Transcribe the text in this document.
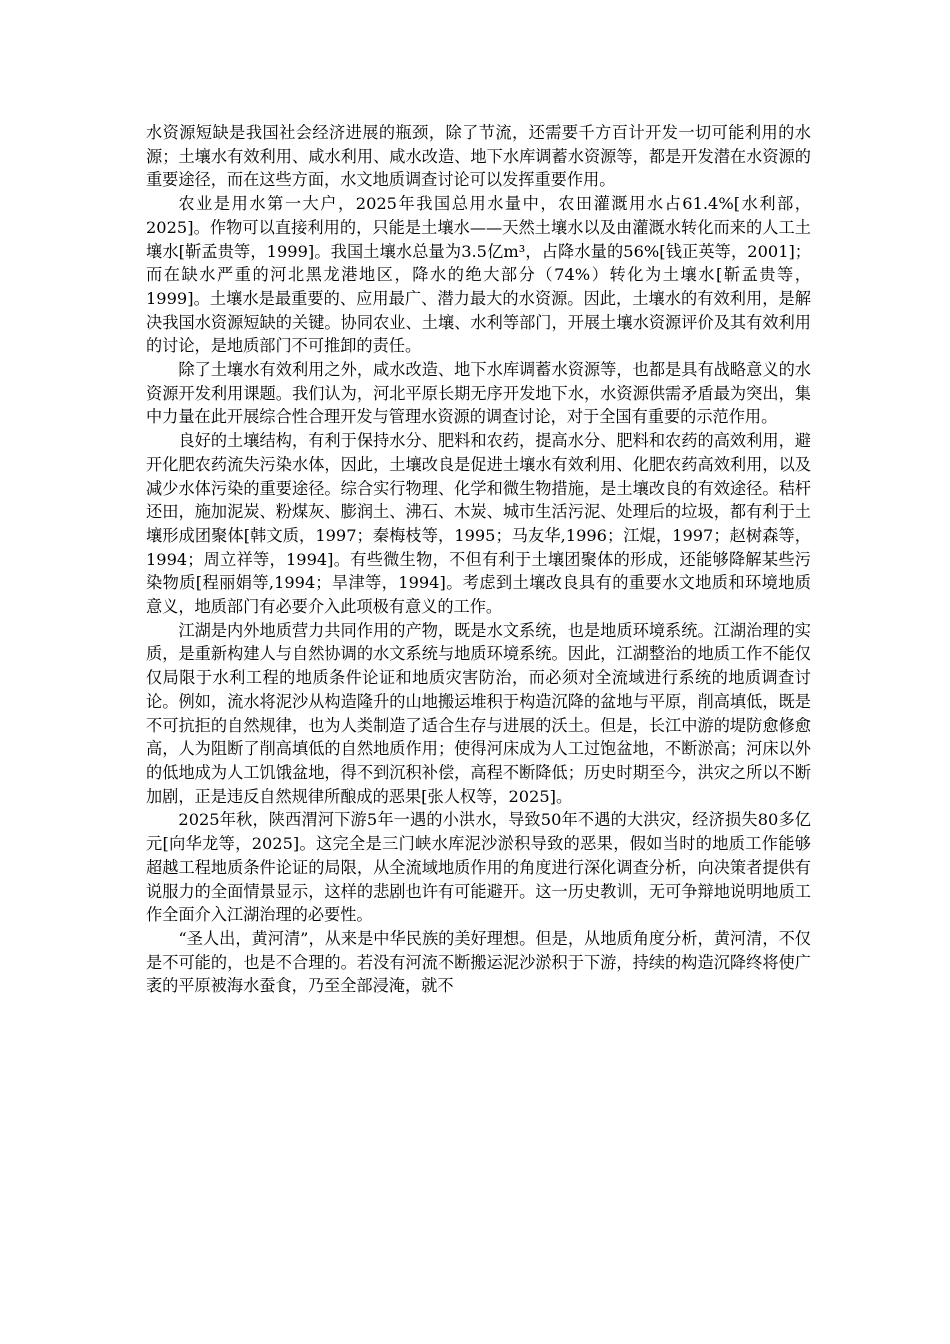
水资源短缺是我国社会经济进展的瓶颈，除了节流，还需要千方百计开发一切可能利用的水源；土壤水有效利用、咸水利用、咸水改造、地下水库调蓄水资源等，都是开发潜在水资源的重要途径，而在这些方面，水文地质调查讨论可以发挥重要作用。

农业是用水第一大户，2025年我国总用水量中，农田灌溉用水占61.4%[水利部，2025]。作物可以直接利用的，只能是土壤水——天然土壤水以及由灌溉水转化而来的人工土壤水[靳孟贵等，1999]。我国土壤水总量为3.5亿m³，占降水量的56%[钱正英等，2001]；而在缺水严重的河北黑龙港地区，降水的绝大部分（74%）转化为土壤水[靳孟贵等，1999]。土壤水是最重要的、应用最广、潜力最大的水资源。因此，土壤水的有效利用，是解决我国水资源短缺的关键。协同农业、土壤、水利等部门，开展土壤水资源评价及其有效利用的讨论，是地质部门不可推卸的责任。

除了土壤水有效利用之外，咸水改造、地下水库调蓄水资源等，也都是具有战略意义的水资源开发利用课题。我们认为，河北平原长期无序开发地下水，水资源供需矛盾最为突出，集中力量在此开展综合性合理开发与管理水资源的调查讨论，对于全国有重要的示范作用。

良好的土壤结构，有利于保持水分、肥料和农药，提高水分、肥料和农药的高效利用，避开化肥农药流失污染水体，因此，土壤改良是促进土壤水有效利用、化肥农药高效利用，以及减少水体污染的重要途径。综合实行物理、化学和微生物措施，是土壤改良的有效途径。秸杆还田，施加泥炭、粉煤灰、膨润土、沸石、木炭、城市生活污泥、处理后的垃圾，都有利于土壤形成团聚体[韩文质，1997；秦梅枝等，1995；马友华,1996；江焜，1997；赵树森等，1994；周立祥等，1994]。有些微生物，不但有利于土壤团聚体的形成，还能够降解某些污染物质[程丽娟等,1994；旱津等，1994]。考虑到土壤改良具有的重要水文地质和环境地质意义，地质部门有必要介入此项极有意义的工作。

江湖是内外地质营力共同作用的产物，既是水文系统，也是地质环境系统。江湖治理的实质，是重新构建人与自然协调的水文系统与地质环境系统。因此，江湖整治的地质工作不能仅仅局限于水利工程的地质条件论证和地质灾害防治，而必须对全流域进行系统的地质调查讨论。例如，流水将泥沙从构造隆升的山地搬运堆积于构造沉降的盆地与平原，削高填低，既是不可抗拒的自然规律，也为人类制造了适合生存与进展的沃土。但是，长江中游的堤防愈修愈高，人为阻断了削高填低的自然地质作用；使得河床成为人工过饱盆地，不断淤高；河床以外的低地成为人工饥饿盆地，得不到沉积补偿，高程不断降低；历史时期至今，洪灾之所以不断加剧，正是违反自然规律所酿成的恶果[张人权等，2025]。

2025年秋，陕西渭河下游5年一遇的小洪水，导致50年不遇的大洪灾，经济损失80多亿元[向华龙等，2025]。这完全是三门峡水库泥沙淤积导致的恶果，假如当时的地质工作能够超越工程地质条件论证的局限，从全流域地质作用的角度进行深化调查分析，向决策者提供有说服力的全面情景显示，这样的悲剧也许有可能避开。这一历史教训，无可争辩地说明地质工作全面介入江湖治理的必要性。

“圣人出，黄河清”，从来是中华民族的美好理想。但是，从地质角度分析，黄河清，不仅是不可能的，也是不合理的。若没有河流不断搬运泥沙淤积于下游，持续的构造沉降终将使广袤的平原被海水蚕食，乃至全部浸淹，就不
